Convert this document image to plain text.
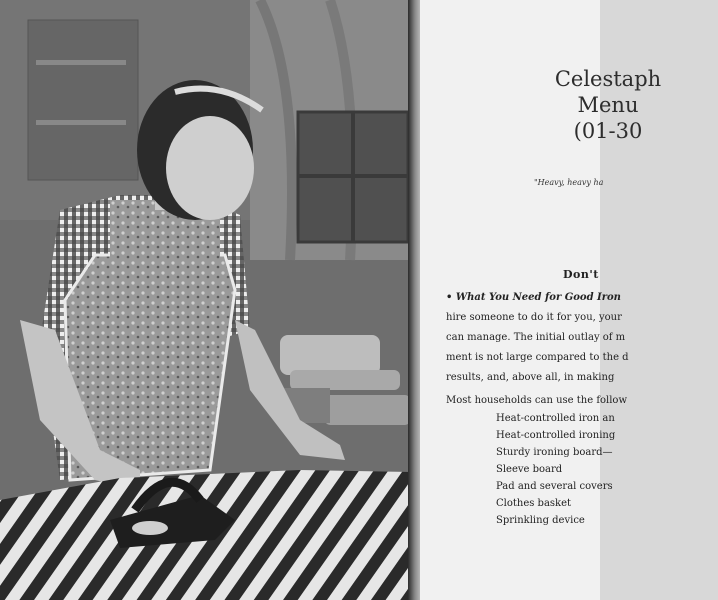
Celestaph
Menu
(01-30
"Heavy, heavy ha
Don't
• What You Need for Good Iron
hire someone to do it for you, your
can manage. The initial outlay of m
ment is not large compared to the d
results, and, above all, in making
Most households can use the follow
Heat-controlled iron an
Heat-controlled ironing
Sturdy ironing board—
Sleeve board
Pad and several covers
Clothes basket
Sprinkling device
